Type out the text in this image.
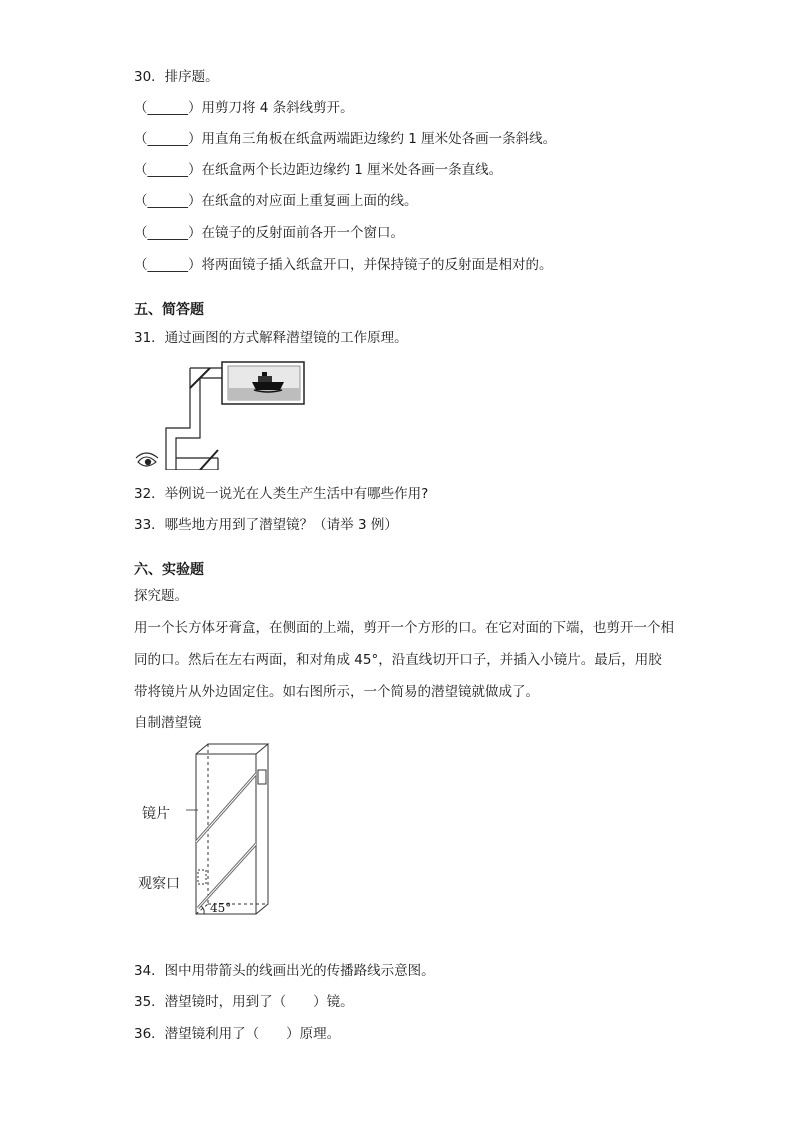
30．排序题。
（______）用剪刀将 4 条斜线剪开。
（______）用直角三角板在纸盒两端距边缘约 1 厘米处各画一条斜线。
（______）在纸盒两个长边距边缘约 1 厘米处各画一条直线。
（______）在纸盒的对应面上重复画上面的线。
（______）在镜子的反射面前各开一个窗口。
（______）将两面镜子插入纸盒开口，并保持镜子的反射面是相对的。
五、简答题
31．通过画图的方式解释潜望镜的工作原理。
32．举例说一说光在人类生产生活中有哪些作用?
33．哪些地方用到了潜望镜？（请举 3 例）
六、实验题
探究题。
用一个长方体牙膏盒，在侧面的上端，剪开一个方形的口。在它对面的下端，也剪开一个相同的口。然后在左右两面，和对角成 45°，沿直线切开口子，并插入小镜片。最后，用胶带将镜片从外边固定住。如右图所示，一个简易的潜望镜就做成了。
自制潜望镜
镜片
观察口
45°
34．图中用带箭头的线画出光的传播路线示意图。
35．潜望镜时，用到了（　　）镜。
36．潜望镜利用了（　　）原理。
